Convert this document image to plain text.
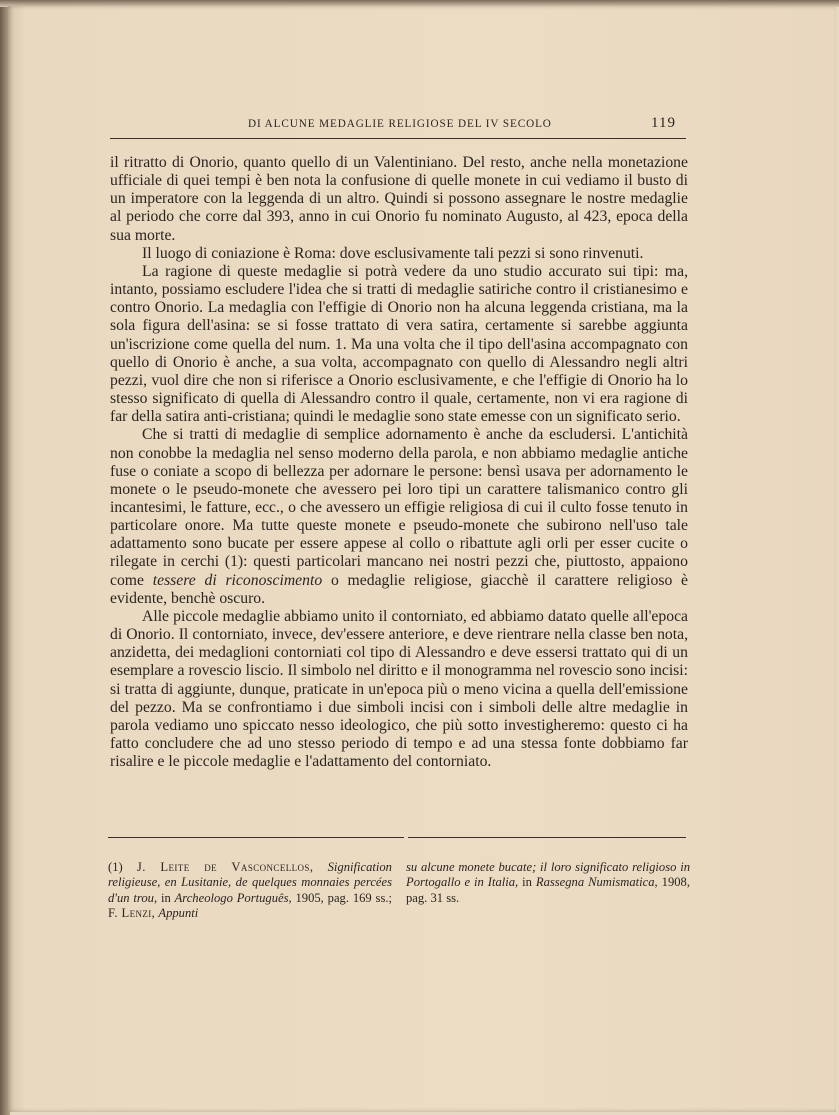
DI ALCUNE MEDAGLIE RELIGIOSE DEL IV SECOLO	119

il ritratto di Onorio, quanto quello di un Valentiniano. Del resto, anche nella monetazione ufficiale di quei tempi è ben nota la confusione di quelle monete in cui vediamo il busto di un imperatore con la leggenda di un altro. Quindi si possono assegnare le nostre medaglie al periodo che corre dal 393, anno in cui Onorio fu nominato Augusto, al 423, epoca della sua morte.

Il luogo di coniazione è Roma: dove esclusivamente tali pezzi si sono rinvenuti.

La ragione di queste medaglie si potrà vedere da uno studio accurato sui tipi: ma, intanto, possiamo escludere l'idea che si tratti di medaglie satiriche contro il cristianesimo e contro Onorio. La medaglia con l'effigie di Onorio non ha alcuna leggenda cristiana, ma la sola figura dell'asina: se si fosse trattato di vera satira, certamente si sarebbe aggiunta un'iscrizione come quella del num. 1. Ma una volta che il tipo dell'asina accompagnato con quello di Onorio è anche, a sua volta, accompagnato con quello di Alessandro negli altri pezzi, vuol dire che non si riferisce a Onorio esclusivamente, e che l'effigie di Onorio ha lo stesso significato di quella di Alessandro contro il quale, certamente, non vi era ragione di far della satira anti-cristiana; quindi le medaglie sono state emesse con un significato serio.

Che si tratti di medaglie di semplice adornamento è anche da escludersi. L'antichità non conobbe la medaglia nel senso moderno della parola, e non abbiamo medaglie antiche fuse o coniate a scopo di bellezza per adornare le persone: bensì usava per adornamento le monete o le pseudo-monete che avessero pei loro tipi un carattere talismanico contro gli incantesimi, le fatture, ecc., o che avessero un effigie religiosa di cui il culto fosse tenuto in particolare onore. Ma tutte queste monete e pseudo-monete che subirono nell'uso tale adattamento sono bucate per essere appese al collo o ribattute agli orli per esser cucite o rilegate in cerchi (1): questi particolari mancano nei nostri pezzi che, piuttosto, appaiono come tessere di riconoscimento o medaglie religiose, giacchè il carattere religioso è evidente, benchè oscuro.

Alle piccole medaglie abbiamo unito il contorniato, ed abbiamo datato quelle all'epoca di Onorio. Il contorniato, invece, dev'essere anteriore, e deve rientrare nella classe ben nota, anzidetta, dei medaglioni contorniati col tipo di Alessandro e deve essersi trattato qui di un esemplare a rovescio liscio. Il simbolo nel diritto e il monogramma nel rovescio sono incisi: si tratta di aggiunte, dunque, praticate in un'epoca più o meno vicina a quella dell'emissione del pezzo. Ma se confrontiamo i due simboli incisi con i simboli delle altre medaglie in parola vediamo uno spiccato nesso ideologico, che più sotto investigheremo: questo ci ha fatto concludere che ad uno stesso periodo di tempo e ad una stessa fonte dobbiamo far risalire e le piccole medaglie e l'adattamento del contorniato.

(1) J. Leite de Vasconcellos, Signification religieuse, en Lusitanie, de quelques monnaies percées d'un trou, in Archeologo Português, 1905, pag. 169 ss.; F. Lenzi, Appunti

su alcune monete bucate; il loro significato religioso in Portogallo e in Italia, in Rassegna Numismatica, 1908, pag. 31 ss.
